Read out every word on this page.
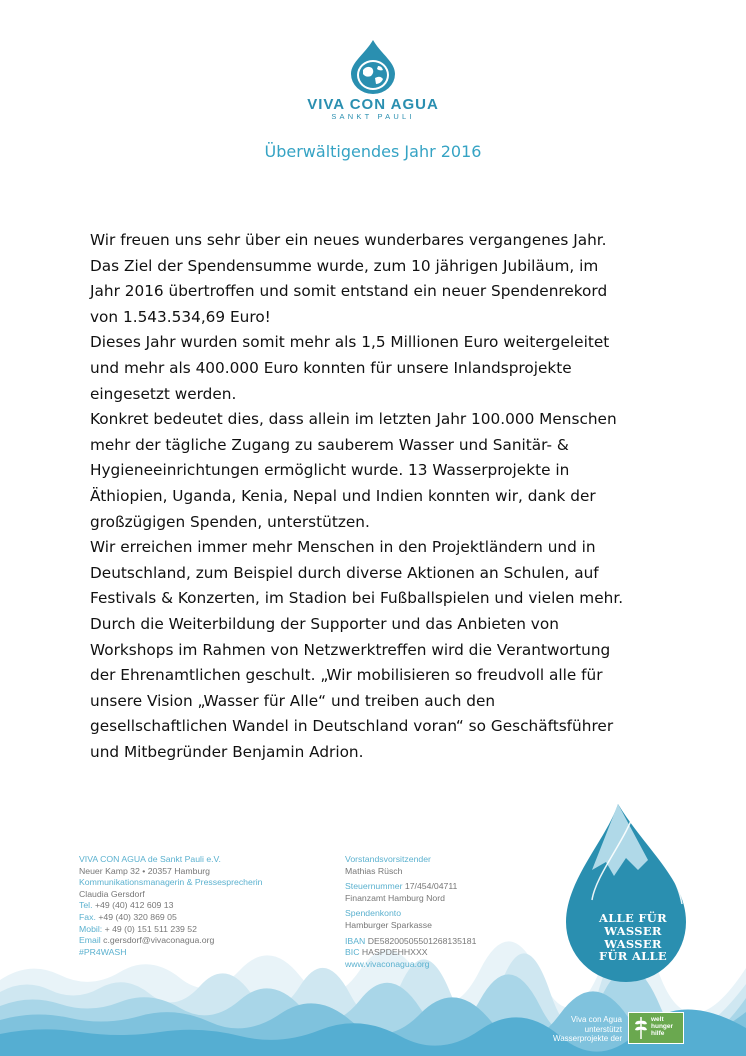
VIVA CON AGUA
SANKT PAULI
Überwältigendes Jahr 2016

Wir freuen uns sehr über ein neues wunderbares vergangenes Jahr.

Das Ziel der Spendensumme wurde, zum 10 jährigen Jubiläum, im

Jahr 2016 übertroffen und somit entstand ein neuer Spendenrekord

von 1.543.534,69 Euro!

Dieses Jahr wurden somit mehr als 1,5 Millionen Euro weitergeleitet

und mehr als 400.000 Euro konnten für unsere Inlandsprojekte

eingesetzt werden.

Konkret bedeutet dies, dass allein im letzten Jahr 100.000 Menschen

mehr der tägliche Zugang zu sauberem Wasser und Sanitär- &

Hygieneeinrichtungen ermöglicht wurde. 13 Wasserprojekte in

Äthiopien, Uganda, Kenia, Nepal und Indien konnten wir, dank der

großzügigen Spenden, unterstützen.

Wir erreichen immer mehr Menschen in den Projektländern und in

Deutschland, zum Beispiel durch diverse Aktionen an Schulen, auf

Festivals & Konzerten, im Stadion bei Fußballspielen und vielen mehr.

Durch die Weiterbildung der Supporter und das Anbieten von

Workshops im Rahmen von Netzwerktreffen wird die Verantwortung

der Ehrenamtlichen geschult. „Wir mobilisieren so freudvoll alle für

unsere Vision „Wasser für Alle“ und treiben auch den

gesellschaftlichen Wandel in Deutschland voran“ so Geschäftsführer

und Mitbegründer Benjamin Adrion.

ALLE FÜR
WASSER
WASSER
FÜR ALLE
VIVA CON AGUA de Sankt Pauli e.V.
Neuer Kamp 32 • 20357 Hamburg
Kommunikationsmanagerin & Pressesprecherin
Claudia Gersdorf
Tel. +49 (40) 412 609 13
Fax. +49 (40) 320 869 05
Mobil: + 49 (0) 151 511 239 52
Email c.gersdorf@vivaconagua.org
#PR4WASH
Vorstandsvorsitzender
Mathias Rüsch
Steuernummer 17/454/04711
Finanzamt Hamburg Nord
Spendenkonto
Hamburger Sparkasse
IBAN DE58200505501268135181
BIC HASPDEHHXXX
www.vivaconagua.org
Viva con Agua
unterstützt
Wasserprojekte der
welt
hunger
hilfe
